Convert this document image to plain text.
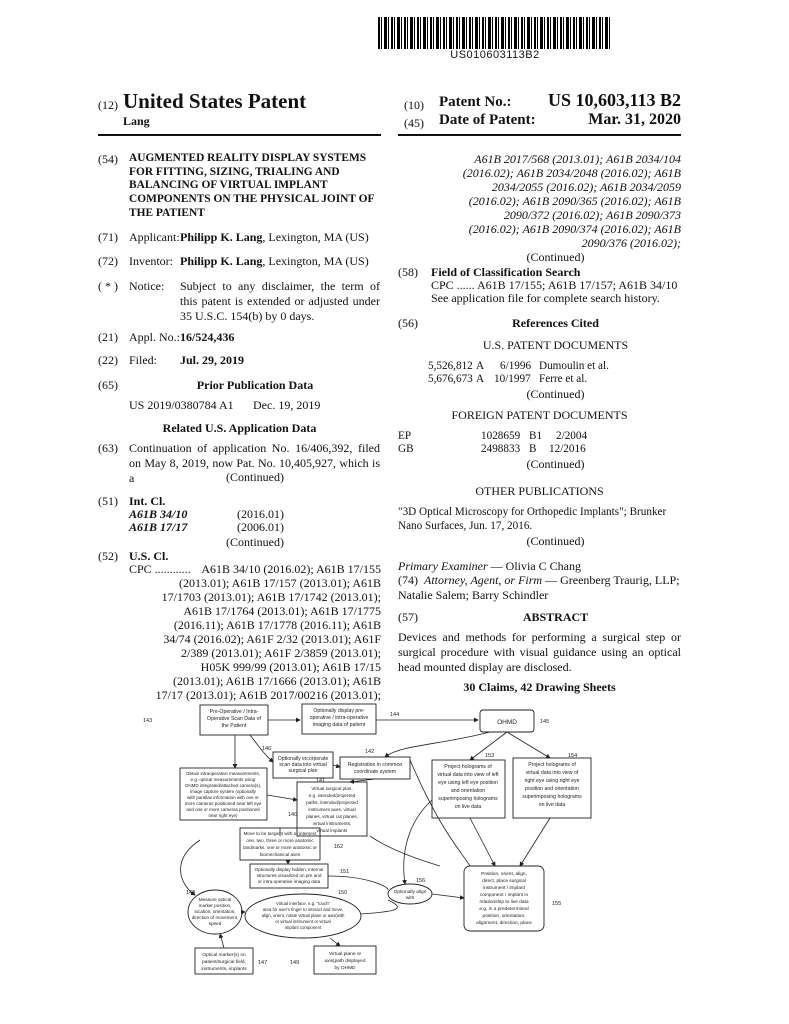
US010603113B2
(12) United States Patent
Lang
(10) Patent No.:	US 10,603,113 B2
(45) Date of Patent:	Mar. 31, 2020
(54) AUGMENTED REALITY DISPLAY SYSTEMS FOR FITTING, SIZING, TRIALING AND BALANCING OF VIRTUAL IMPLANT COMPONENTS ON THE PHYSICAL JOINT OF THE PATIENT
(71) Applicant: Philipp K. Lang, Lexington, MA (US)
(72) Inventor: Philipp K. Lang, Lexington, MA (US)
( * ) Notice: Subject to any disclaimer, the term of this patent is extended or adjusted under 35 U.S.C. 154(b) by 0 days.
(21) Appl. No.: 16/524,436
(22) Filed: Jul. 29, 2019
(65)	Prior Publication Data
US 2019/0380784 A1 Dec. 19, 2019
Related U.S. Application Data
(63) Continuation of application No. 16/406,392, filed on May 8, 2019, now Pat. No. 10,405,927, which is a	(Continued)
(51) Int. Cl.
A61B 34/10	(2016.01)
A61B 17/17	(2006.01)
(Continued)
(52) U.S. Cl.
CPC ............ A61B 34/10 (2016.02); A61B 17/155
(2013.01); A61B 17/157 (2013.01); A61B
17/1703 (2013.01); A61B 17/1742 (2013.01);
A61B 17/1764 (2013.01); A61B 17/1775
(2016.11); A61B 17/1778 (2016.11); A61B
34/74 (2016.02); A61F 2/32 (2013.01); A61F
2/389 (2013.01); A61F 2/3859 (2013.01);
H05K 999/99 (2013.01); A61B 17/15
(2013.01); A61B 17/1666 (2013.01); A61B
17/17 (2013.01); A61B 2017/00216 (2013.01);
A61B 2017/568 (2013.01); A61B 2034/104
(2016.02); A61B 2034/2048 (2016.02); A61B
2034/2055 (2016.02); A61B 2034/2059
(2016.02); A61B 2090/365 (2016.02); A61B
2090/372 (2016.02); A61B 2090/373
(2016.02); A61B 2090/374 (2016.02); A61B
2090/376 (2016.02);
(Continued)
(58) Field of Classification Search
CPC ...... A61B 17/155; A61B 17/157; A61B 34/10
See application file for complete search history.
(56)	References Cited
U.S. PATENT DOCUMENTS
5,526,812 A 6/1996 Dumoulin et al.
5,676,673 A 10/1997 Ferre et al.
(Continued)
FOREIGN PATENT DOCUMENTS
EP	1028659 B1 2/2004
GB	2498833 B 12/2016
(Continued)
OTHER PUBLICATIONS
"3D Optical Microscopy for Orthopedic Implants"; Brunker Nano Surfaces, Jun. 17, 2016.
(Continued)
Primary Examiner — Olivia C Chang
(74) Attorney, Agent, or Firm — Greenberg Traurig, LLP; Natalie Salem; Barry Schindler
(57)	ABSTRACT
Devices and methods for performing a surgical step or surgical procedure with visual guidance using an optical head mounted display are disclosed.
30 Claims, 42 Drawing Sheets
Pre-Operative / Intra-
Operative Scan Data of
the Patient
Optionally display pre-
operative / intra-operative
imaging data of patient	OHMD
Optionally incorporate
scan data into virtual
surgical plan
Registration in common
coordinate system
Project holograms of
virtual data into view of left
eye using left eye position
and orientation
superimposing holograms
on live data
Project holograms of
virtual data into view of
right eye using right eye
position and orientation
superimposing holograms
on live data
Obtain intraoperative measurements,
e.g. optical measurements using
OHMD integrated/attached camera(s),
image capture system (optionally
with parallax information with one or
more cameras positioned near left eye
and one or more cameras positioned
near right eye)
Virtual surgical plan,
e.g. intended/projected
paths, intended/projected
instrument axes, virtual
planes, virtual cut planes,
virtual instruments,
virtual implants
Move to be tangent with or intersect
one, two, three or more anatomic
landmarks, one or more anatomic or
biomechanical axes
Optionally display hidden, internal
structures visualized on pre and
or intra-operative imaging data
Optionally align
with
Position, orient, align,
direct, place surgical
instrument / implant
component / implant in
relationship to live data
e.g. in a predetermined
position, orientation,
alignment, direction, place
Measure optical
marker position,
location, orientation,
direction of movement,
speed
Virtual interface, e.g. "touch"
area for user's finger to interact and move,
align, orient, rotate virtual plane or axis(with
or virtual instrument or virtual
implant component
Optical marker(s) on
patient/surgical field,
instruments, implants
Virtual plane or
axis(path displayed
by OHMD
143
144
145
146	142
141
153	154
140
152
151
156
155
148	150
147	149
